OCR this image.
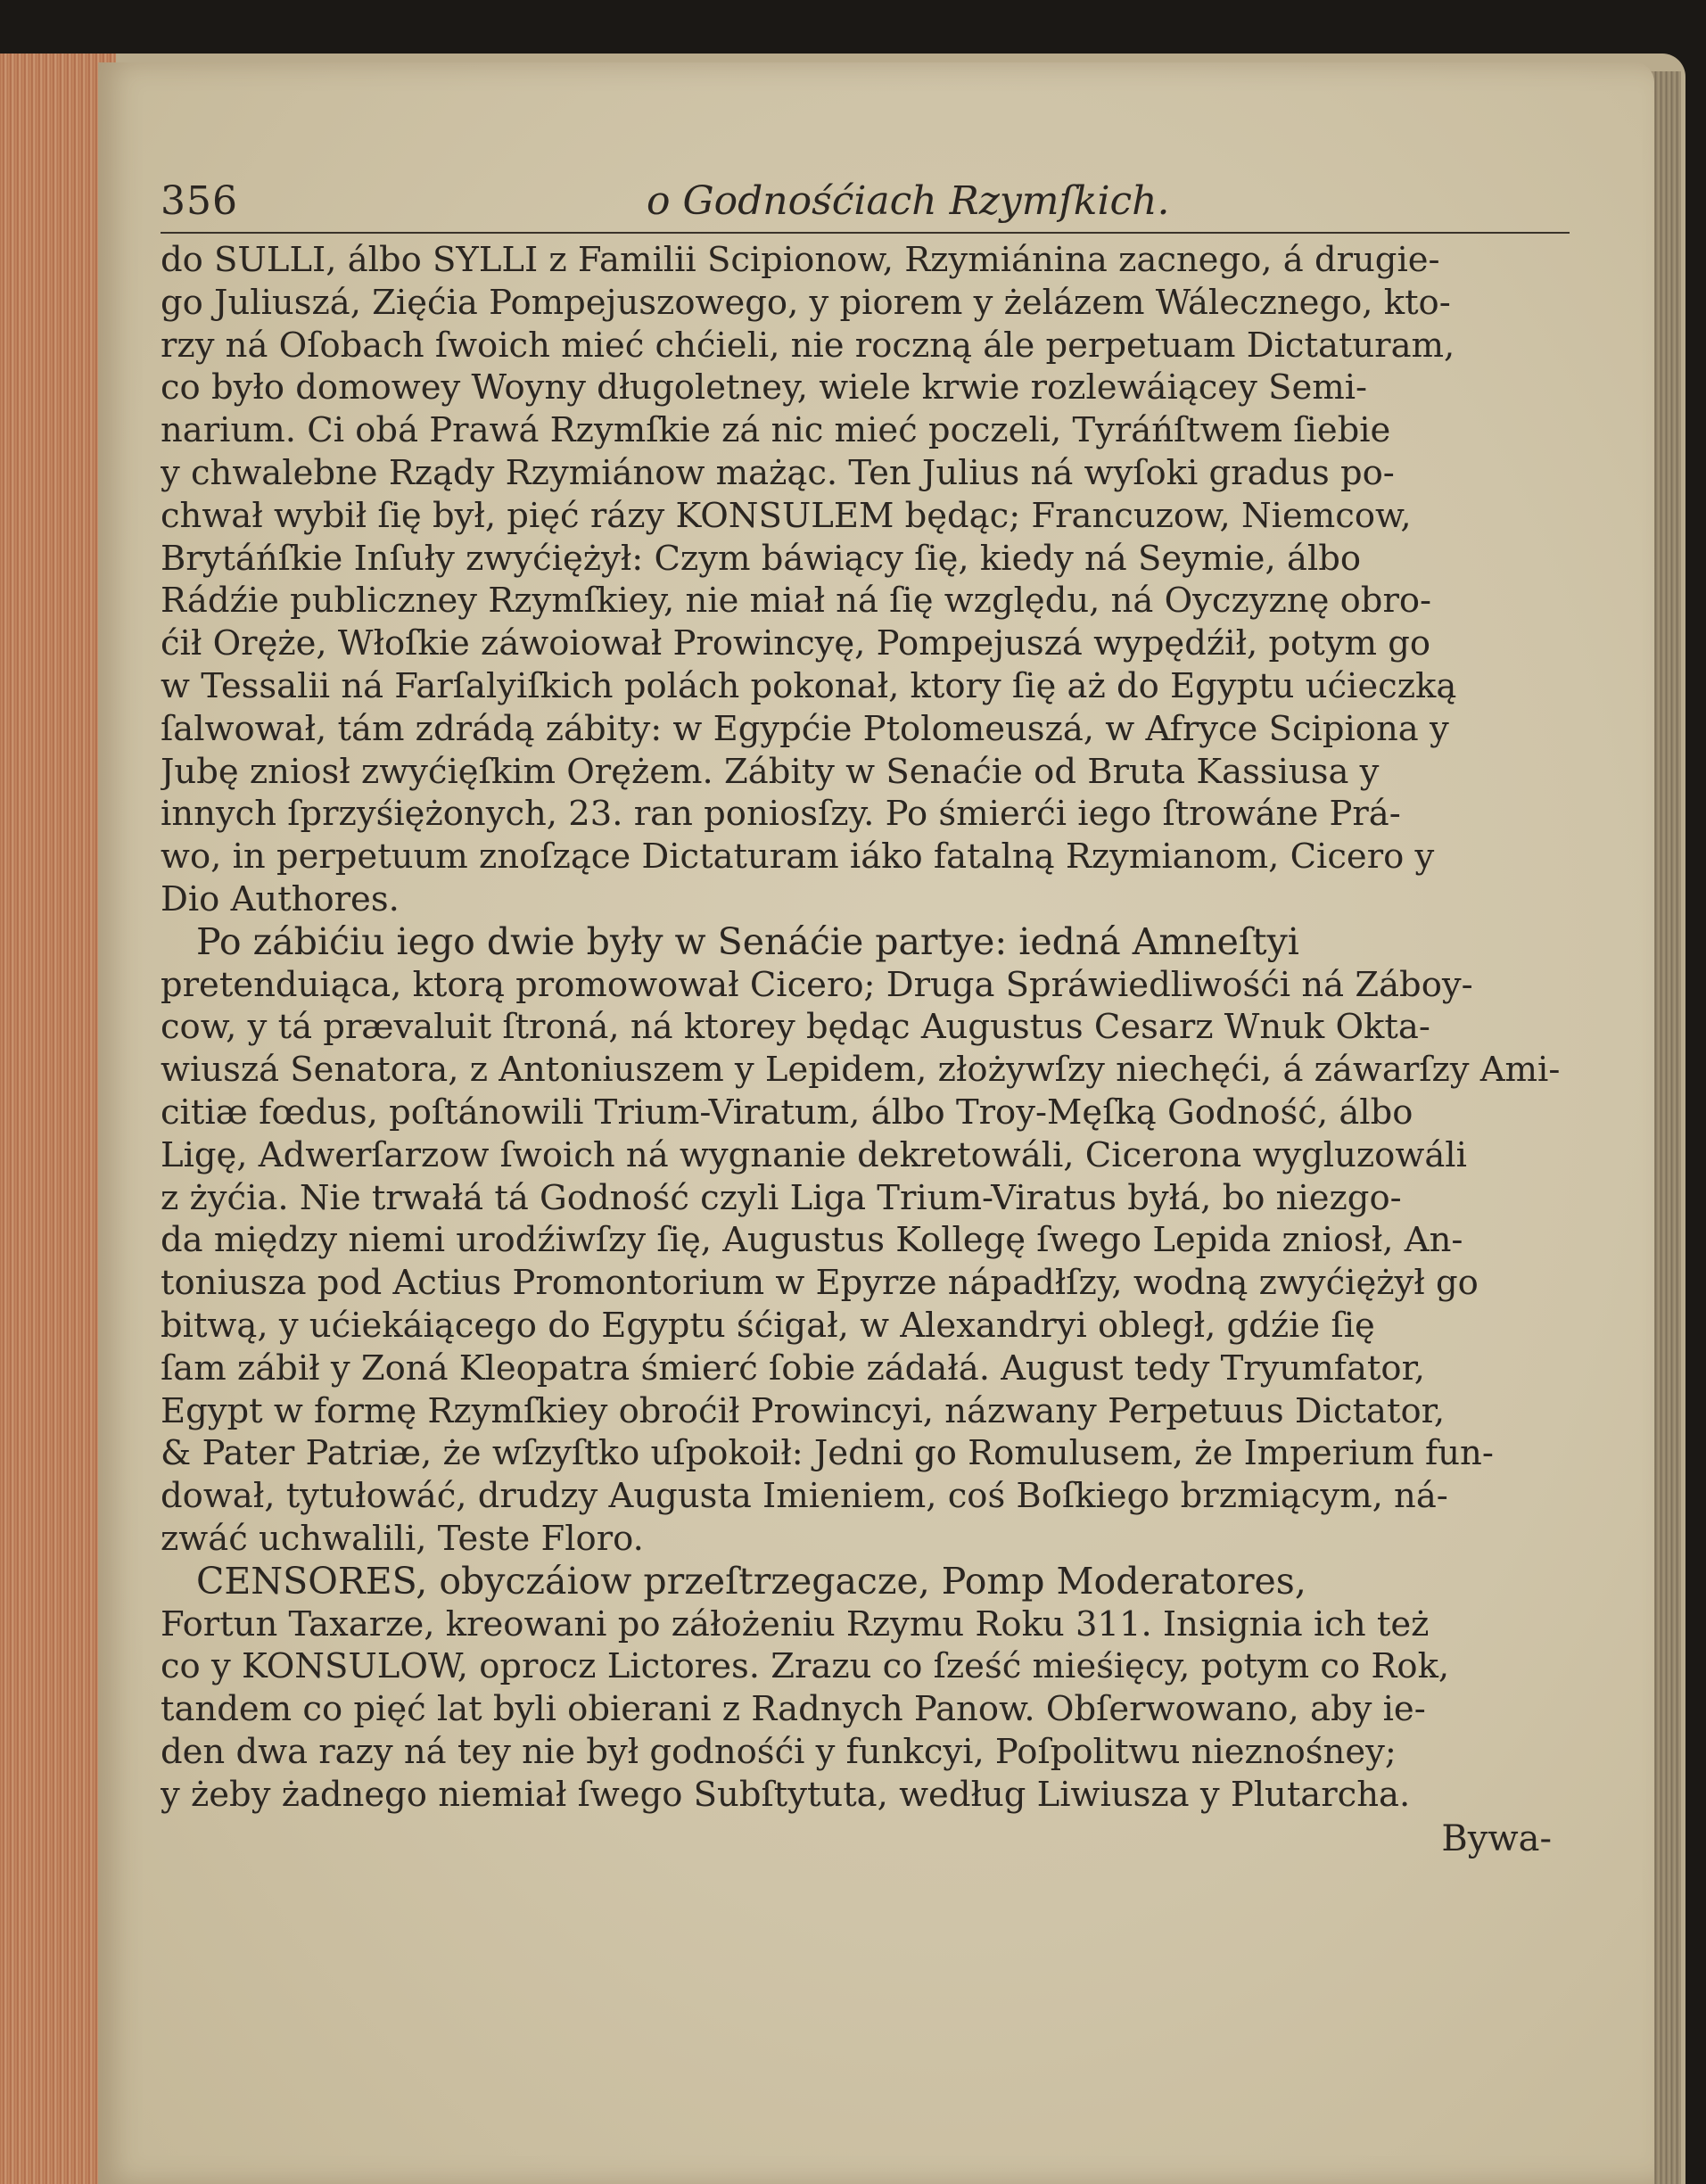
356	o Godnośćiach Rzymſkich.
do SULLI, álbo SYLLI z Familii Scipionow, Rzymiánina zacnego, á drugie-
go Juliuszá, Zięćia Pompejuszowego, y piorem y żelázem Wálecznego, kto-
rzy ná Oſobach ſwoich mieć chćieli, nie roczną ále perpetuam Dictaturam,
co było domowey Woyny długoletney, wiele krwie rozlewáiącey Semi-
narium. Ci obá Prawá Rzymſkie zá nic mieć poczeli, Tyráńſtwem ſiebie
y chwalebne Rządy Rzymiánow mażąc. Ten Julius ná wyſoki gradus po-
chwał wybił ſię był, pięć rázy KONSULEM będąc; Francuzow, Niemcow,
Brytáńſkie Inſuły zwyćiężył: Czym báwiący ſię, kiedy ná Seymie, álbo
Rádźie publiczney Rzymſkiey, nie miał ná ſię względu, ná Oyczyznę obro-
ćił Oręże, Włoſkie záwoiował Prowincyę, Pompejuszá wypędźił, potym go
w Tessalii ná Farſalyiſkich polách pokonał, ktory ſię aż do Egyptu ućieczką
ſalwował, tám zdrádą zábity: w Egypćie Ptolomeuszá, w Afryce Scipiona y
Jubę zniosł zwyćięſkim Orężem. Zábity w Senaćie od Bruta Kassiusa y
innych ſprzyśiężonych, 23. ran poniosſzy. Po śmierći iego ſtrowáne Prá-
wo, in perpetuum znoſzące Dictaturam iáko fatalną Rzymianom, Cicero y
Dio Authores.
Po zábićiu iego dwie były w Senáćie partye: iedná Amneſtyi
pretenduiąca, ktorą promowował Cicero; Druga Spráwiedliwośći ná Záboy-
cow, y tá prævaluit ſtroná, ná ktorey będąc Augustus Cesarz Wnuk Okta-
wiuszá Senatora, z Antoniuszem y Lepidem, złożywſzy niechęći, á záwarſzy Ami-
citiæ fœdus, poſtánowili Trium-Viratum, álbo Troy-Męſką Godność, álbo
Ligę, Adwerſarzow ſwoich ná wygnanie dekretowáli, Cicerona wygluzowáli
z żyćia. Nie trwałá tá Godność czyli Liga Trium-Viratus byłá, bo niezgo-
da między niemi urodźiwſzy ſię, Augustus Kollegę ſwego Lepida zniosł, An-
toniusza pod Actius Promontorium w Epyrze nápadłſzy, wodną zwyćiężył go
bitwą, y ućiekáiącego do Egyptu śćigał, w Alexandryi obległ, gdźie ſię
ſam zábił y Zoná Kleopatra śmierć ſobie zádałá. August tedy Tryumfator,
Egypt w formę Rzymſkiey obroćił Prowincyi, názwany Perpetuus Dictator,
& Pater Patriæ, że wſzyſtko uſpokoił: Jedni go Romulusem, że Imperium fun-
dował, tytułowáć, drudzy Augusta Imieniem, coś Boſkiego brzmiącym, ná-
zwáć uchwalili, Teste Floro.
CENSORES, obyczáiow przeſtrzegacze, Pomp Moderatores,
Fortun Taxarze, kreowani po záłożeniu Rzymu Roku 311. Insignia ich też
co y KONSULOW, oprocz Lictores. Zrazu co ſześć mieśięcy, potym co Rok,
tandem co pięć lat byli obierani z Radnych Panow. Obſerwowano, aby ie-
den dwa razy ná tey nie był godnośći y funkcyi, Poſpolitwu nieznośney;
y żeby żadnego niemiał ſwego Subſtytuta, według Liwiusza y Plutarcha.
Bywa-
